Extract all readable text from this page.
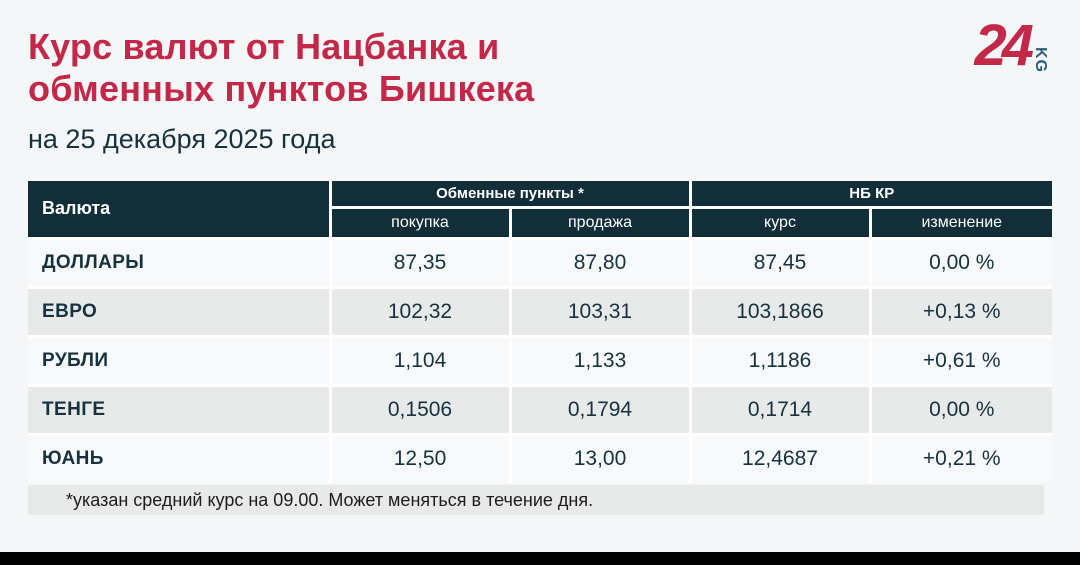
Курс валют от Нацбанка и
обменных пунктов Бишкека
на 25 декабря 2025 года
24 KG
Валюта	Обменные пункты *		НБ КР	
	покупка	продажа	курс	изменение
ДОЛЛАРЫ	87,35	87,80	87,45	0,00 %
ЕВРО	102,32	103,31	103,1866	+0,13 %
РУБЛИ	1,104	1,133	1,1186	+0,61 %
ТЕНГЕ	0,1506	0,1794	0,1714	0,00 %
ЮАНЬ	12,50	13,00	12,4687	+0,21 %
*указан средний курс на 09.00. Может меняться в течение дня.
